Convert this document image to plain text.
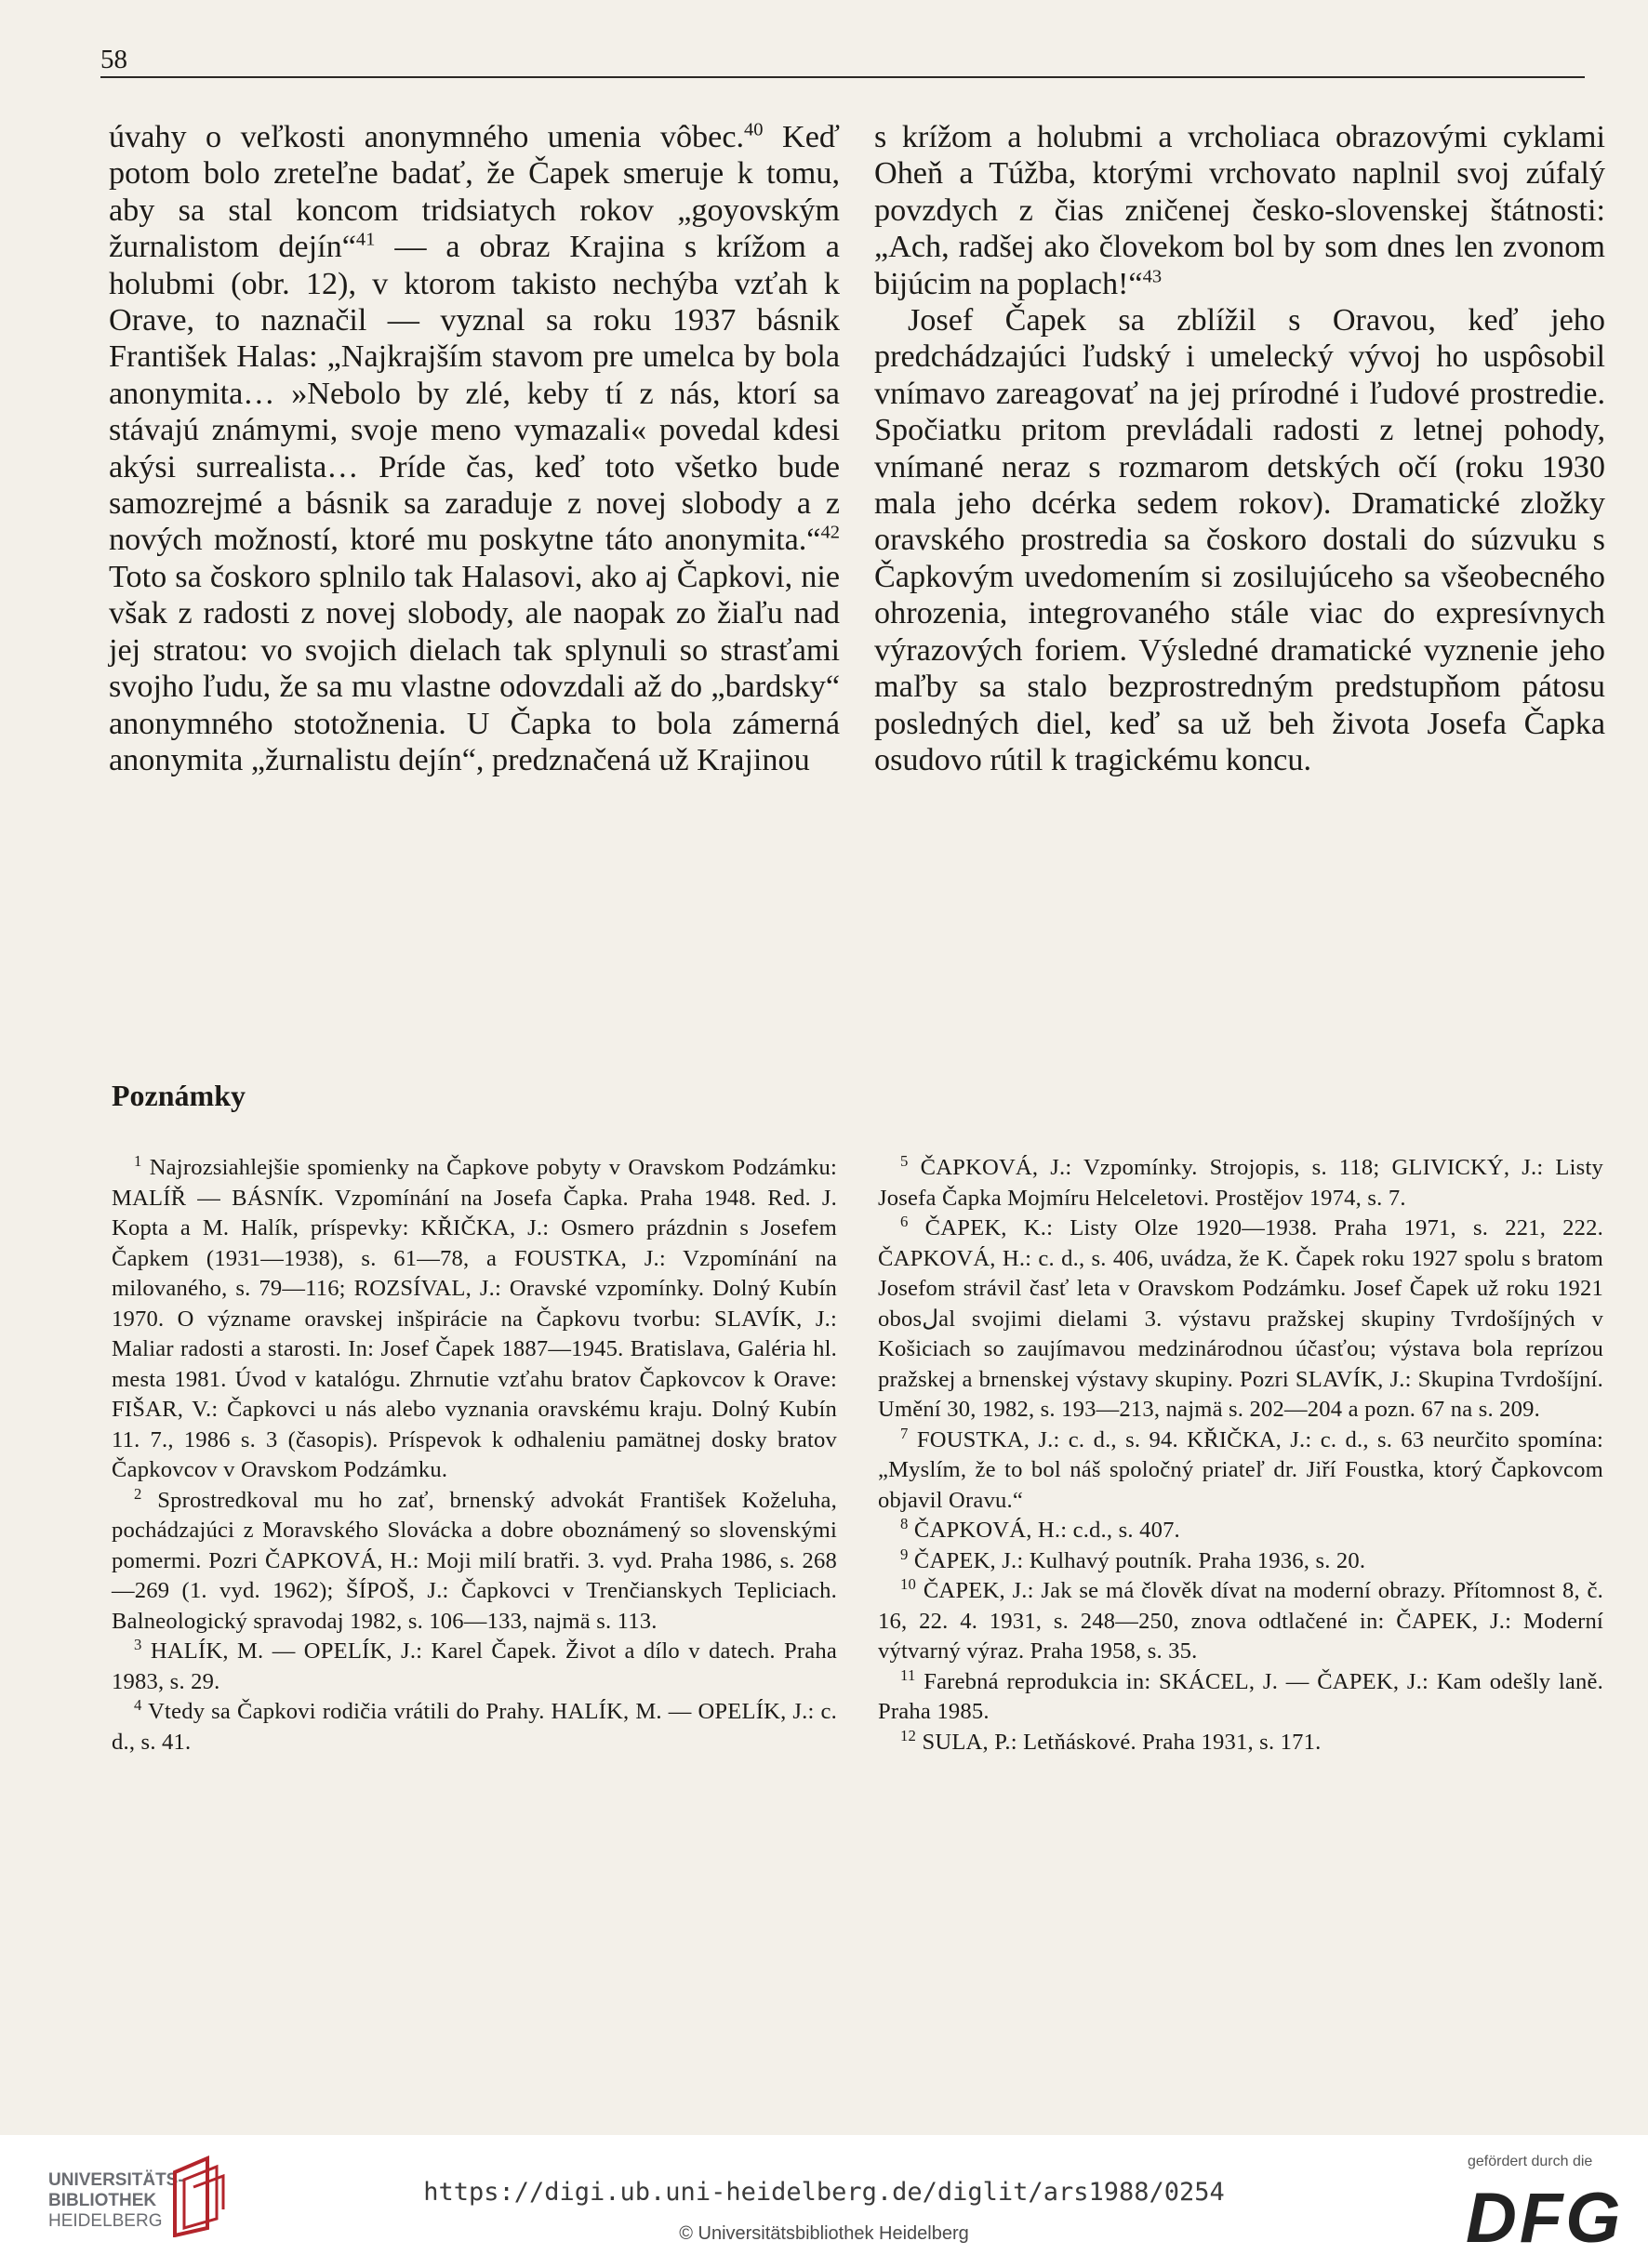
58

úvahy o veľkosti anonymného umenia vôbec.$^{40}$ Keď potom bolo zreteľne badať, že Čapek smeruje k tomu, aby sa stal koncom tridsiatych rokov „goyovským žurnalistom dejín“$^{41}$ — a obraz Krajina s krížom a holubmi (obr. 12), v ktorom takisto nechýba vzťah k Orave, to naznačil — vyznal sa roku 1937 básnik František Halas: „Najkrajším stavom pre umelca by bola anonymita… »Nebolo by zlé, keby tí z nás, ktorí sa stávajú známymi, svoje meno vymazali« povedal kdesi akýsi surrealista… Príde čas, keď toto všetko bude samozrejmé a básnik sa zaraduje z novej slobody a z nových možností, ktoré mu poskytne táto anonymita.“$^{42}$ Toto sa čoskoro splnilo tak Halasovi, ako aj Čapkovi, nie však z radosti z novej slobody, ale naopak zo žiaľu nad jej stratou: vo svojich dielach tak splynuli so strasťami svojho ľudu, že sa mu vlastne odovzdali až do „bardsky“ anonymného stotožnenia. U Čapka to bola zámerná anonymita „žurnalistu dejín“, predznačená už Krajinou

s krížom a holubmi a vrcholiaca obrazovými cyklami Oheň a Túžba, ktorými vrchovato naplnil svoj zúfalý povzdych z čias zničenej česko-slovenskej štátnosti: „Ach, radšej ako človekom bol by som dnes len zvonom bijúcim na poplach!“$^{43}$

Josef Čapek sa zblížil s Oravou, keď jeho predchádzajúci ľudský i umelecký vývoj ho uspôsobil vnímavo zareagovať na jej prírodné i ľudové prostredie. Spočiatku pritom prevládali radosti z letnej pohody, vnímané neraz s rozmarom detských očí (roku 1930 mala jeho dcérka sedem rokov). Dramatické zložky oravského prostredia sa čoskoro dostali do súzvuku s Čapkovým uvedomením si zosilujúceho sa všeobecného ohrozenia, integrovaného stále viac do expresívnych výrazových foriem. Výsledné dramatické vyznenie jeho maľby sa stalo bezprostredným predstupňom pátosu posledných diel, keď sa už beh života Josefa Čapka osudovo rútil k tragickému koncu.

Poznámky

$^1$ Najrozsiahlejšie spomienky na Čapkove pobyty v Oravskom Podzámku: MALÍŘ — BÁSNÍK. Vzpomínání na Josefa Čapka. Praha 1948. Red. J. Kopta a M. Halík, príspevky: KŘIČKA, J.: Osmero prázdnin s Josefem Čapkem (1931—1938), s. 61—78, a FOUSTKA, J.: Vzpomínání na milovaného, s. 79—116; ROZSÍVAL, J.: Oravské vzpomínky. Dolný Kubín 1970. O význame oravskej inšpirácie na Čapkovu tvorbu: SLAVÍK, J.: Maliar radosti a starosti. In: Josef Čapek 1887—1945. Bratislava, Galéria hl. mesta 1981. Úvod v katalógu. Zhrnutie vzťahu bratov Čapkovcov k Orave: FIŠAR, V.: Čapkovci u nás alebo vyznania oravskému kraju. Dolný Kubín 11. 7., 1986 s. 3 (časopis). Príspevok k odhaleniu pamätnej dosky bratov Čapkovcov v Oravskom Podzámku.

$^2$ Sprostredkoval mu ho zať, brnenský advokát František Koželuha, pochádzajúci z Moravského Slovácka a dobre oboznámený so slovenskými pomermi. Pozri ČAPKOVÁ, H.: Moji milí bratři. 3. vyd. Praha 1986, s. 268—269 (1. vyd. 1962); ŠÍPOŠ, J.: Čapkovci v Trenčianskych Tepliciach. Balneologický spravodaj 1982, s. 106—133, najmä s. 113.

$^3$ HALÍK, M. — OPELÍK, J.: Karel Čapek. Život a dílo v datech. Praha 1983, s. 29.

$^4$ Vtedy sa Čapkovi rodičia vrátili do Prahy. HALÍK, M. — OPELÍK, J.: c. d., s. 41.

$^5$ ČAPKOVÁ, J.: Vzpomínky. Strojopis, s. 118; GLIVICKÝ, J.: Listy Josefa Čapka Mojmíru Helceletovi. Prostějov 1974, s. 7.

$^6$ ČAPEK, K.: Listy Olze 1920—1938. Praha 1971, s. 221, 222. ČAPKOVÁ, H.: c. d., s. 406, uvádza, že K. Čapek roku 1927 spolu s bratom Josefom strávil časť leta v Oravskom Podzámku. Josef Čapek už roku 1921 obosلal svojimi dielami 3. výstavu pražskej skupiny Tvrdošíjných v Košiciach so zaujímavou medzinárodnou účasťou; výstava bola reprízou pražskej a brnenskej výstavy skupiny. Pozri SLAVÍK, J.: Skupina Tvrdošíjní. Umění 30, 1982, s. 193—213, najmä s. 202—204 a pozn. 67 na s. 209.

$^7$ FOUSTKA, J.: c. d., s. 94. KŘIČKA, J.: c. d., s. 63 neurčito spomína: „Myslím, že to bol náš spoločný priateľ dr. Jiří Foustka, ktorý Čapkovcom objavil Oravu.“

$^8$ ČAPKOVÁ, H.: c.d., s. 407.

$^9$ ČAPEK, J.: Kulhavý poutník. Praha 1936, s. 20.

$^{10}$ ČAPEK, J.: Jak se má člověk dívat na moderní obrazy. Přítomnost 8, č. 16, 22. 4. 1931, s. 248—250, znova odtlačené in: ČAPEK, J.: Moderní výtvarný výraz. Praha 1958, s. 35.

$^{11}$ Farebná reprodukcia in: SKÁCEL, J. — ČAPEK, J.: Kam odešly laně. Praha 1985.

$^{12}$ SULA, P.: Letňáskové. Praha 1931, s. 171.

UNIVERSITÄTS-
BIBLIOTHEK
HEIDELBERG
https://digi.ub.uni-heidelberg.de/diglit/ars1988/0254
© Universitätsbibliothek Heidelberg
gefördert durch die
DFG
